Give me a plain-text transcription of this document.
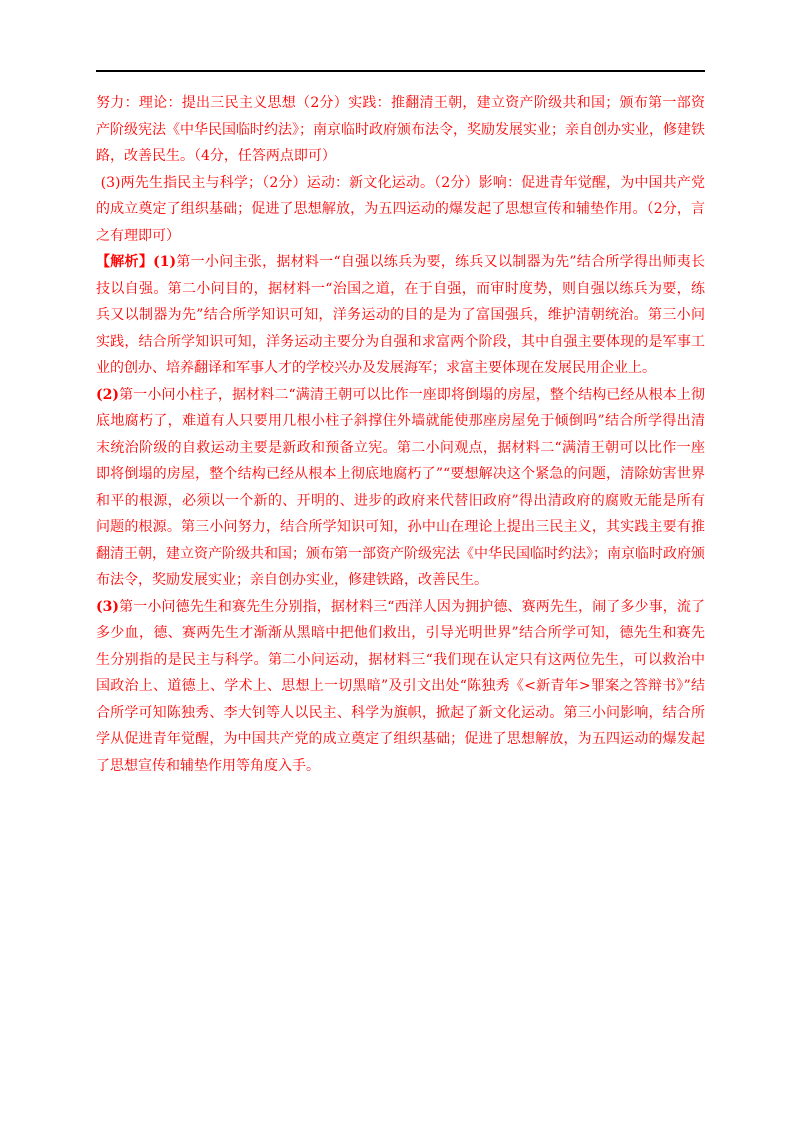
努力：理论：提出三民主义思想（2分）实践：推翻清王朝，建立资产阶级共和国；颁布第一部资产阶级宪法《中华民国临时约法》；南京临时政府颁布法令，奖励发展实业；亲自创办实业，修建铁路，改善民生。（4分，任答两点即可）

(3)两先生指民主与科学；（2分）运动：新文化运动。（2分）影响：促进青年觉醒，为中国共产党的成立奠定了组织基础；促进了思想解放，为五四运动的爆发起了思想宣传和辅垫作用。（2分，言之有理即可）

【解析】(1)第一小问主张，据材料一“自强以练兵为要，练兵又以制器为先”结合所学得出师夷长技以自强。第二小问目的，据材料一“治国之道，在于自强，而审时度势，则自强以练兵为要，练兵又以制器为先”结合所学知识可知，洋务运动的目的是为了富国强兵，维护清朝统治。第三小问实践，结合所学知识可知，洋务运动主要分为自强和求富两个阶段，其中自强主要体现的是军事工业的创办、培养翻译和军事人才的学校兴办及发展海军；求富主要体现在发展民用企业上。

(2)第一小问小柱子，据材料二“满清王朝可以比作一座即将倒塌的房屋，整个结构已经从根本上彻底地腐朽了，难道有人只要用几根小柱子斜撑住外墙就能使那座房屋免于倾倒吗”结合所学得出清末统治阶级的自救运动主要是新政和预备立宪。第二小问观点，据材料二“满清王朝可以比作一座即将倒塌的房屋，整个结构已经从根本上彻底地腐朽了”“要想解决这个紧急的问题，清除妨害世界和平的根源，必须以一个新的、开明的、进步的政府来代替旧政府”得出清政府的腐败无能是所有问题的根源。第三小问努力，结合所学知识可知，孙中山在理论上提出三民主义，其实践主要有推翻清王朝，建立资产阶级共和国；颁布第一部资产阶级宪法《中华民国临时约法》；南京临时政府颁布法令，奖励发展实业；亲自创办实业，修建铁路，改善民生。

(3)第一小问德先生和赛先生分别指，据材料三“西洋人因为拥护德、赛两先生，闹了多少事，流了多少血，德、赛两先生才渐渐从黑暗中把他们救出，引导光明世界”结合所学可知，德先生和赛先生分别指的是民主与科学。第二小问运动，据材料三“我们现在认定只有这两位先生，可以救治中国政治上、道德上、学术上、思想上一切黑暗”及引文出处“陈独秀《<新青年>罪案之答辩书》”结合所学可知陈独秀、李大钊等人以民主、科学为旗帜，掀起了新文化运动。第三小问影响，结合所学从促进青年觉醒，为中国共产党的成立奠定了组织基础；促进了思想解放，为五四运动的爆发起了思想宣传和辅垫作用等角度入手。
